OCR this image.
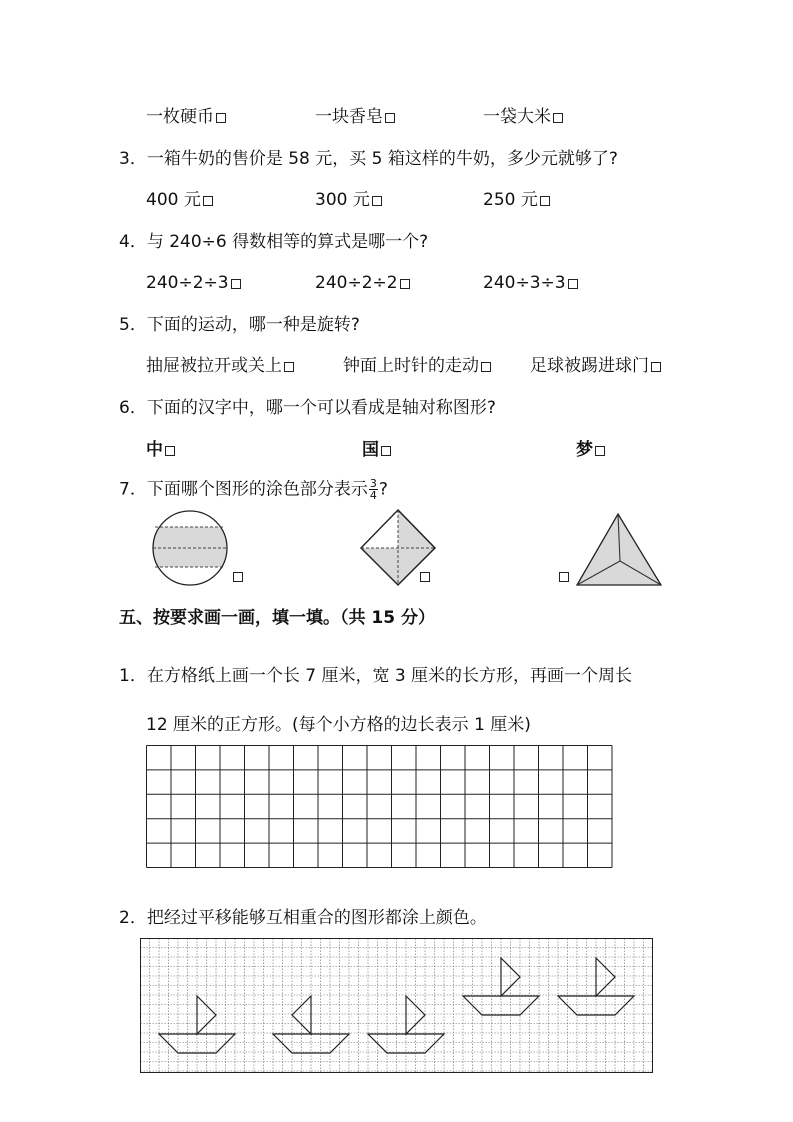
一枚硬币	一块香皂	一袋大米
3．一箱牛奶的售价是 58 元，买 5 箱这样的牛奶，多少元就够了?
400 元	300 元	250 元
4．与 240÷6 得数相等的算式是哪一个?
240÷2÷3	240÷2÷2	240÷3÷3
5．下面的运动，哪一种是旋转?
抽屉被拉开或关上	钟面上时针的走动	足球被踢进球门
6．下面的汉字中，哪一个可以看成是轴对称图形?
中	国	梦
7．下面哪个图形的涂色部分表示 $\frac{3}{4}$ ?
五、按要求画一画，填一填。（共 15 分）
1．在方格纸上画一个长 7 厘米，宽 3 厘米的长方形，再画一个周长
12 厘米的正方形。(每个小方格的边长表示 1 厘米)
2．把经过平移能够互相重合的图形都涂上颜色。
